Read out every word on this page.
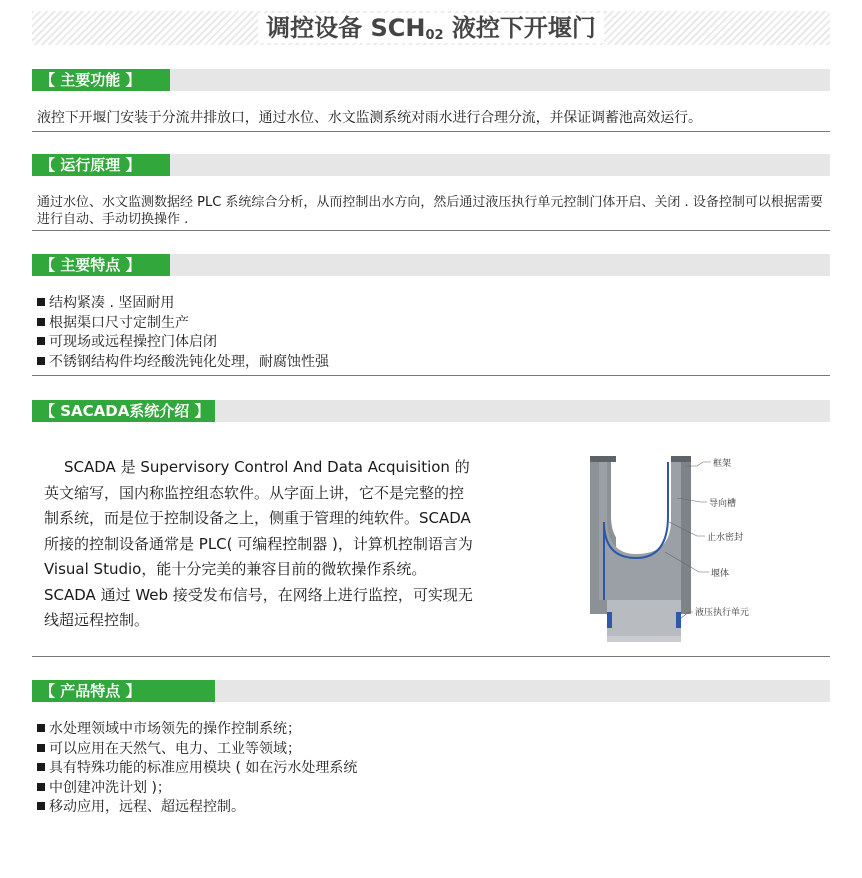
调控设备 $SCH_{02}$ 液控下开堰门
【 主要功能 】
液控下开堰门安装于分流井排放口，通过水位、水文监测系统对雨水进行合理分流，并保证调蓄池高效运行。
【 运行原理 】
通过水位、水文监测数据经 PLC 系统综合分析，从而控制出水方向，然后通过液压执行单元控制门体开启、关闭 . 设备控制可以根据需要进行自动、手动切换操作 .
【 主要特点 】
结构紧凑 . 坚固耐用
根据渠口尺寸定制生产
可现场或远程操控门体启闭
不锈钢结构件均经酸洗钝化处理，耐腐蚀性强
【 SACADA系统介绍 】
SCADA 是 Supervisory Control And Data Acquisition 的英文缩写，国内称监控组态软件。从字面上讲，它不是完整的控制系统，而是位于控制设备之上，侧重于管理的纯软件。SCADA 所接的控制设备通常是 PLC( 可编程控制器 )，计算机控制语言为 Visual Studio，能十分完美的兼容目前的微软操作系统。SCADA 通过 Web 接受发布信号，在网络上进行监控，可实现无线超远程控制。
框架
导向槽
止水密封
堰体
液压执行单元
【 产品特点 】
水处理领域中市场领先的操作控制系统；
可以应用在天然气、电力、工业等领域；
具有特殊功能的标准应用模块 ( 如在污水处理系统
中创建冲洗计划 )；
移动应用，远程、超远程控制。
